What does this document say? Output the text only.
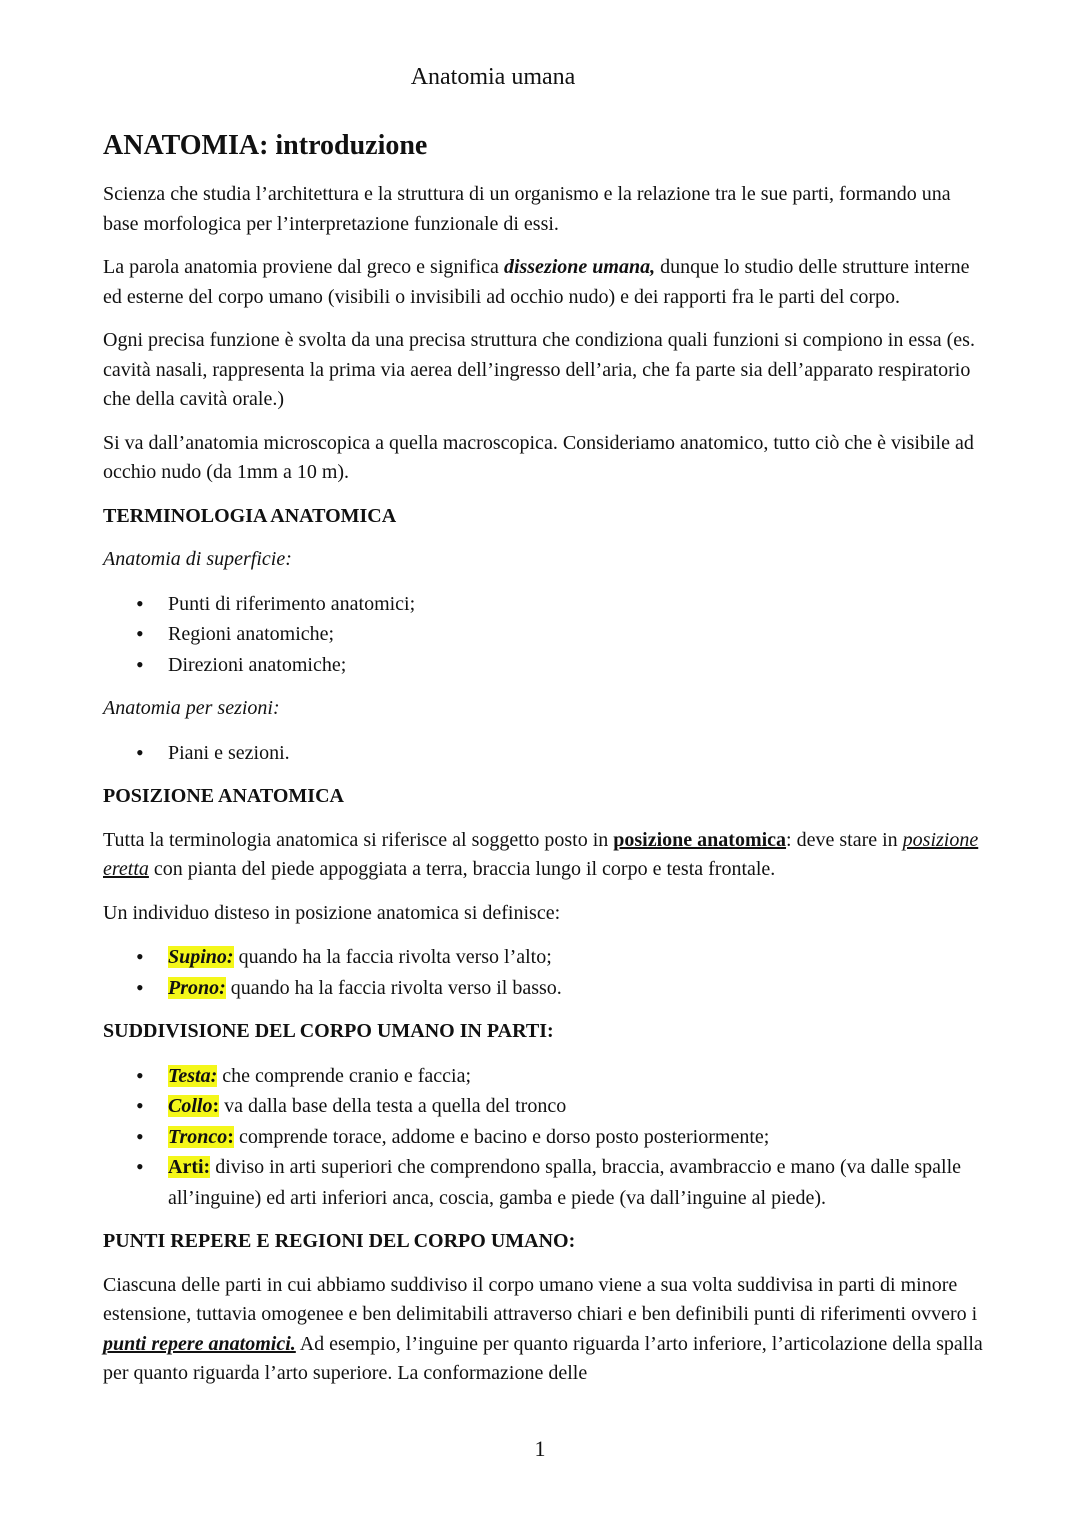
Anatomia umana
ANATOMIA: introduzione

Scienza che studia l’architettura e la struttura di un organismo e la relazione tra le sue parti, formando una base morfologica per l’interpretazione funzionale di essi.

La parola anatomia proviene dal greco e significa dissezione umana, dunque lo studio delle strutture interne ed esterne del corpo umano (visibili o invisibili ad occhio nudo) e dei rapporti fra le parti del corpo.

Ogni precisa funzione è svolta da una precisa struttura che condiziona quali funzioni si compiono in essa (es. cavità nasali, rappresenta la prima via aerea dell’ingresso dell’aria, che fa parte sia dell’apparato respiratorio che della cavità orale.)

Si va dall’anatomia microscopica a quella macroscopica. Consideriamo anatomico, tutto ciò che è visibile ad occhio nudo (da 1mm a 10 m).

TERMINOLOGIA ANATOMICA

Anatomia di superficie:

• Punti di riferimento anatomici;
• Regioni anatomiche;
• Direzioni anatomiche;

Anatomia per sezioni:

• Piani e sezioni.
POSIZIONE ANATOMICA

Tutta la terminologia anatomica si riferisce al soggetto posto in posizione anatomica: deve stare in posizione eretta con pianta del piede appoggiata a terra, braccia lungo il corpo e testa frontale.

Un individuo disteso in posizione anatomica si definisce:

• Supino: quando ha la faccia rivolta verso l’alto;
• Prono: quando ha la faccia rivolta verso il basso.
SUDDIVISIONE DEL CORPO UMANO IN PARTI:
• Testa: che comprende cranio e faccia;
• Collo: va dalla base della testa a quella del tronco
• Tronco: comprende torace, addome e bacino e dorso posto posteriormente;
• Arti: diviso in arti superiori che comprendono spalla, braccia, avambraccio e mano (va dalle spalle all’inguine) ed arti inferiori anca, coscia, gamba e piede (va dall’inguine al piede).
PUNTI REPERE E REGIONI DEL CORPO UMANO:

Ciascuna delle parti in cui abbiamo suddiviso il corpo umano viene a sua volta suddivisa in parti di minore estensione, tuttavia omogenee e ben delimitabili attraverso chiari e ben definibili punti di riferimenti ovvero i punti repere anatomici. Ad esempio, l’inguine per quanto riguarda l’arto inferiore, l’articolazione della spalla per quanto riguarda l’arto superiore. La conformazione delle

1
